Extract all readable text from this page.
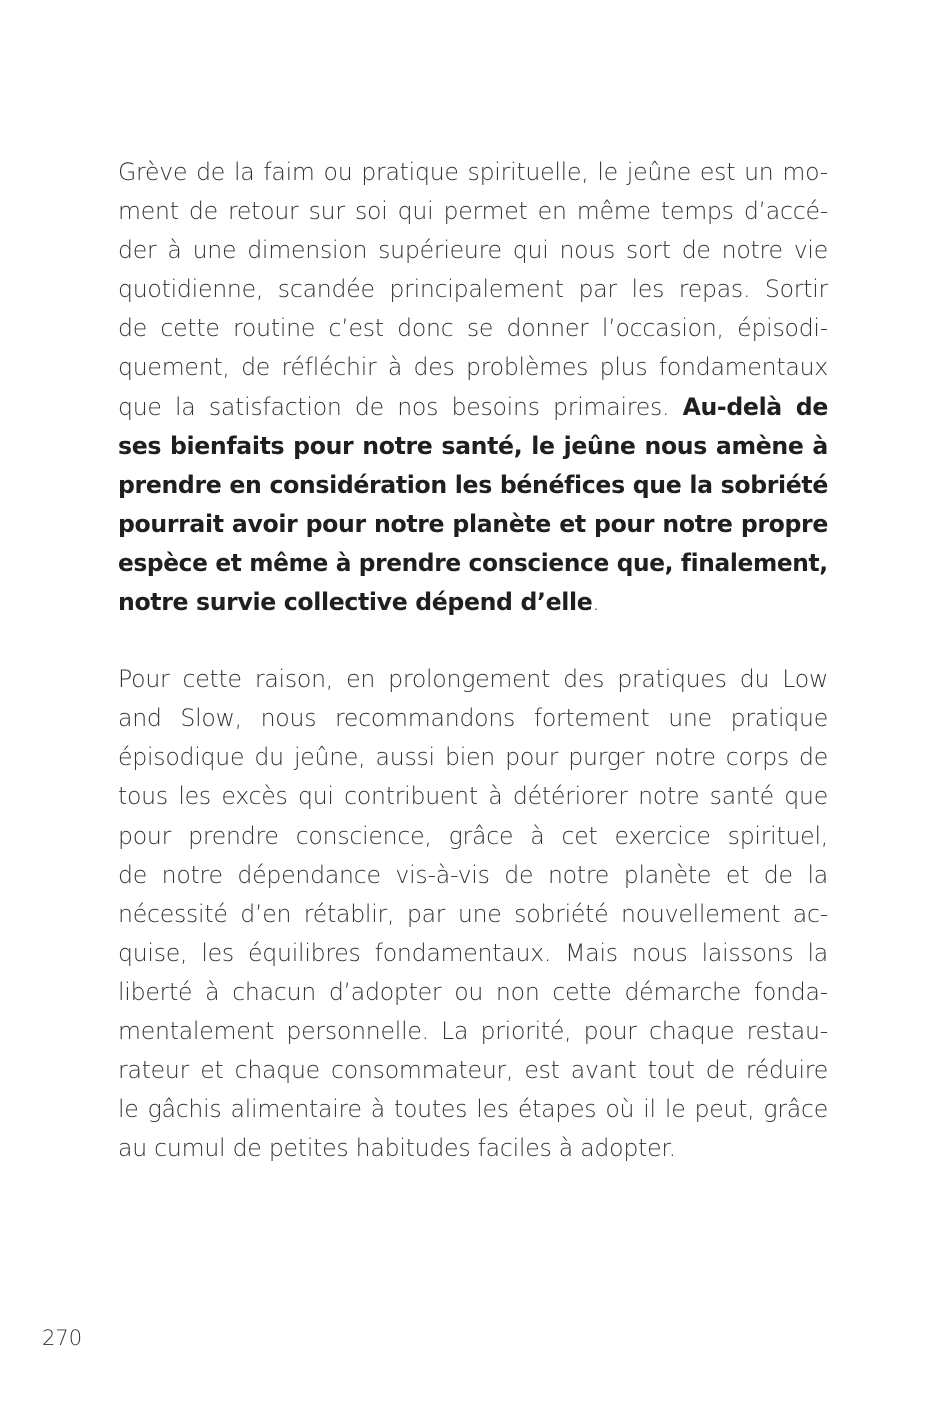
Grève de la faim ou pratique spirituelle, le jeûne est un mo-
ment de retour sur soi qui permet en même temps d’accé-
der à une dimension supérieure qui nous sort de notre vie
quotidienne, scandée principalement par les repas. Sortir
de cette routine c’est donc se donner l’occasion, épisodi-
quement, de réfléchir à des problèmes plus fondamentaux
que la satisfaction de nos besoins primaires. Au-delà de
ses bienfaits pour notre santé, le jeûne nous amène à
prendre en considération les bénéfices que la sobriété
pourrait avoir pour notre planète et pour notre propre
espèce et même à prendre conscience que, finalement,
notre survie collective dépend d’elle.
Pour cette raison, en prolongement des pratiques du Low
and Slow, nous recommandons fortement une pratique
épisodique du jeûne, aussi bien pour purger notre corps de
tous les excès qui contribuent à détériorer notre santé que
pour prendre conscience, grâce à cet exercice spirituel,
de notre dépendance vis-à-vis de notre planète et de la
nécessité d’en rétablir, par une sobriété nouvellement ac-
quise, les équilibres fondamentaux. Mais nous laissons la
liberté à chacun d’adopter ou non cette démarche fonda-
mentalement personnelle. La priorité, pour chaque restau-
rateur et chaque consommateur, est avant tout de réduire
le gâchis alimentaire à toutes les étapes où il le peut, grâce
au cumul de petites habitudes faciles à adopter.
270
